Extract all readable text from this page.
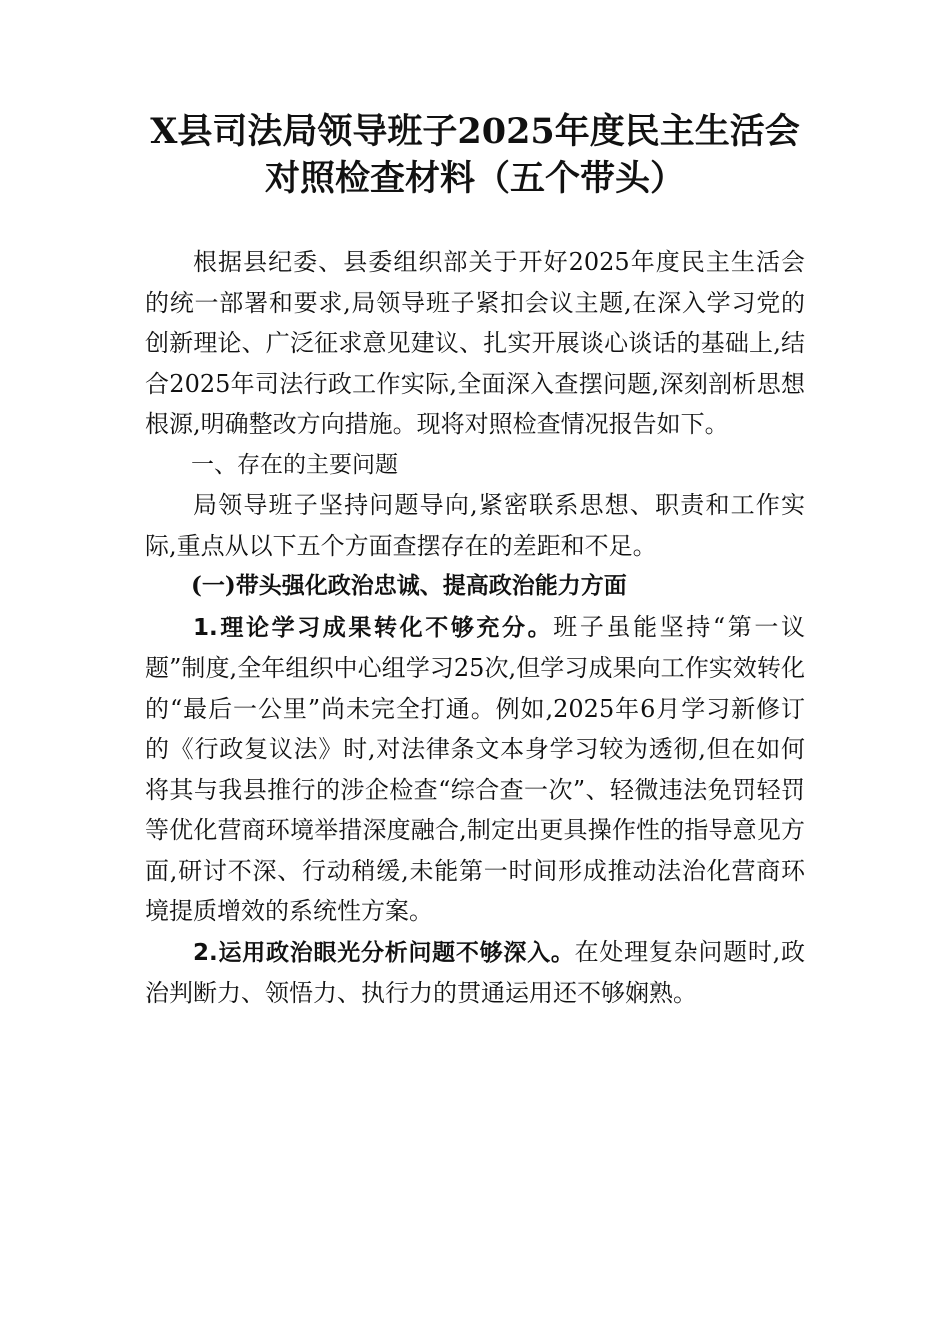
X县司法局领导班子2025年度民主生活会
对照检查材料（五个带头）

根据县纪委、县委组织部关于开好2025年度民主生活会的统一部署和要求,局领导班子紧扣会议主题,在深入学习党的创新理论、广泛征求意见建议、扎实开展谈心谈话的基础上,结合2025年司法行政工作实际,全面深入查摆问题,深刻剖析思想根源,明确整改方向措施。现将对照检查情况报告如下。

一、存在的主要问题

局领导班子坚持问题导向,紧密联系思想、职责和工作实际,重点从以下五个方面查摆存在的差距和不足。

(一)带头强化政治忠诚、提高政治能力方面

1.理论学习成果转化不够充分。班子虽能坚持“第一议题”制度,全年组织中心组学习25次,但学习成果向工作实效转化的“最后一公里”尚未完全打通。例如,2025年6月学习新修订的《行政复议法》时,对法律条文本身学习较为透彻,但在如何将其与我县推行的涉企检查“综合查一次”、轻微违法免罚轻罚等优化营商环境举措深度融合,制定出更具操作性的指导意见方面,研讨不深、行动稍缓,未能第一时间形成推动法治化营商环境提质增效的系统性方案。

2.运用政治眼光分析问题不够深入。在处理复杂问题时,政治判断力、领悟力、执行力的贯通运用还不够娴熟。
